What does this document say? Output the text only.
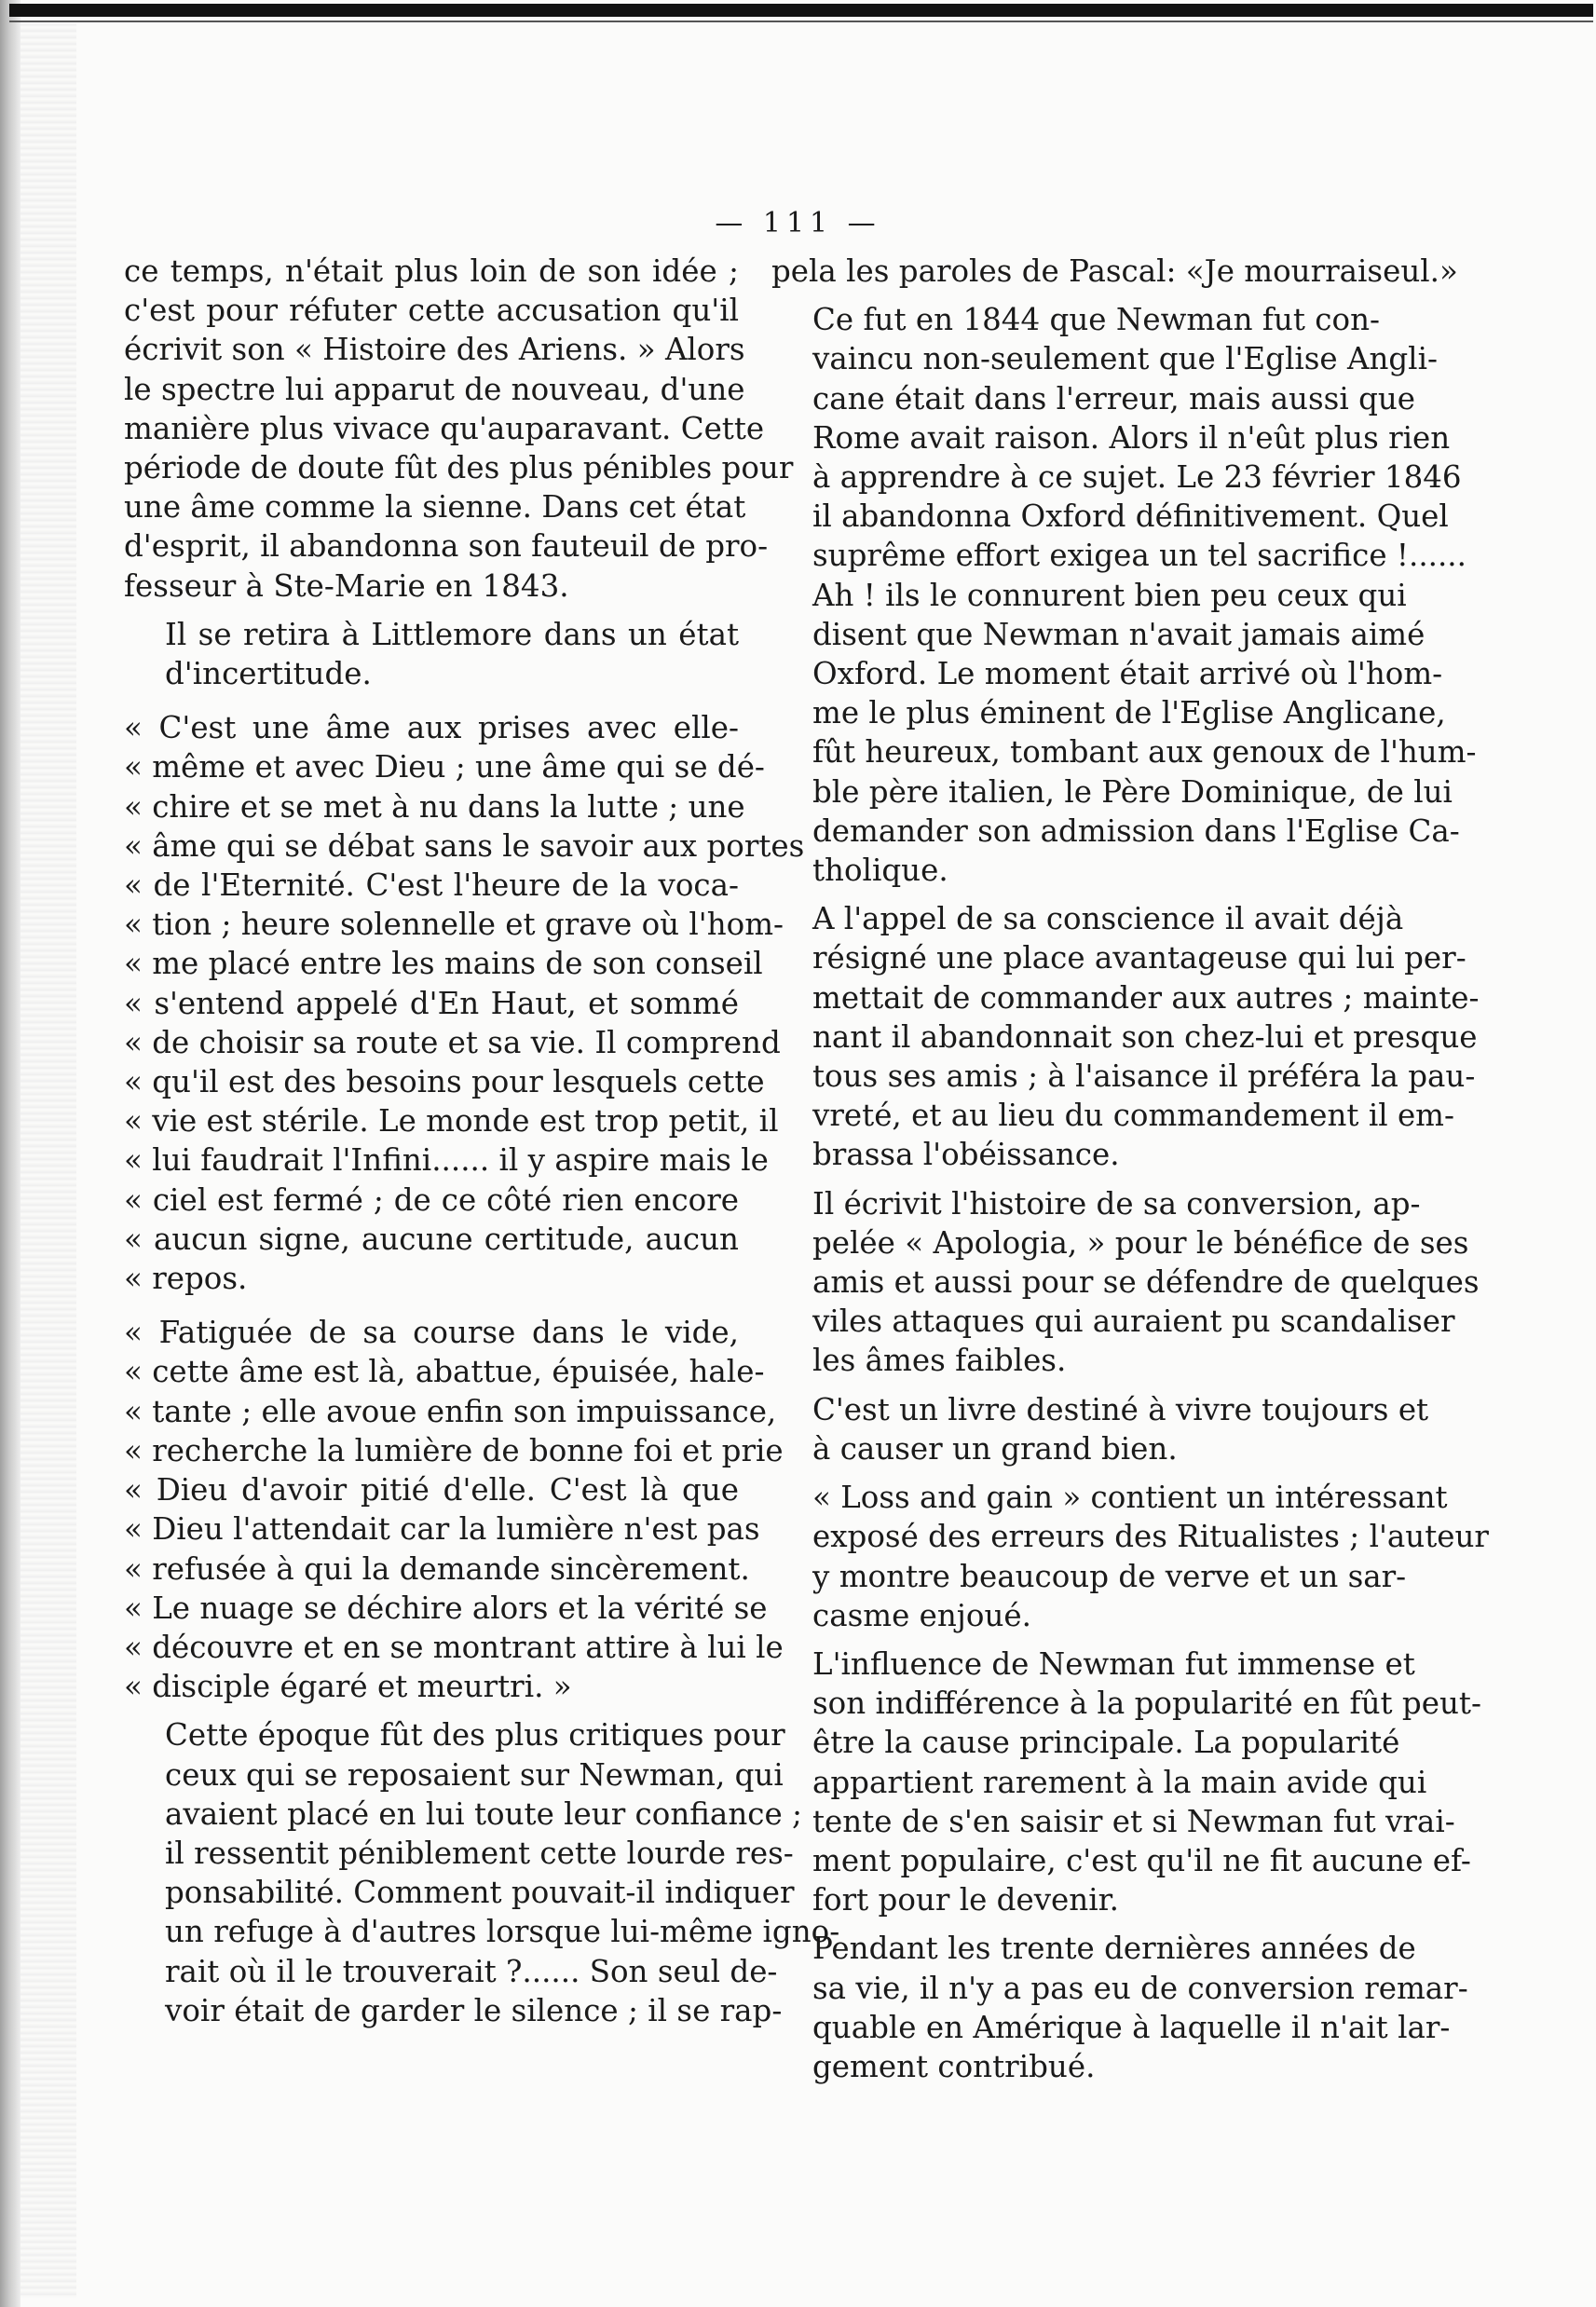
— 111 —

ce temps, n'était plus loin de son idée ;
c'est pour réfuter cette accusation qu'il
écrivit son « Histoire des Ariens. » Alors
le spectre lui apparut de nouveau, d'une
manière plus vivace qu'auparavant. Cette
période de doute fût des plus pénibles pour
une âme comme la sienne. Dans cet état
d'esprit, il abandonna son fauteuil de pro-
fesseur à Ste-Marie en 1843.

Il se retira à Littlemore dans un état
d'incertitude.

« C'est une âme aux prises avec elle-
« même et avec Dieu ; une âme qui se dé-
« chire et se met à nu dans la lutte ; une
« âme qui se débat sans le savoir aux portes
« de l'Eternité. C'est l'heure de la voca-
« tion ; heure solennelle et grave où l'hom-
« me placé entre les mains de son conseil
« s'entend appelé d'En Haut, et sommé
« de choisir sa route et sa vie. Il comprend
« qu'il est des besoins pour lesquels cette
« vie est stérile. Le monde est trop petit, il
« lui faudrait l'Infini...... il y aspire mais le
« ciel est fermé ; de ce côté rien encore
« aucun signe, aucune certitude, aucun
« repos.

« Fatiguée de sa course dans le vide,
« cette âme est là, abattue, épuisée, hale-
« tante ; elle avoue enfin son impuissance,
« recherche la lumière de bonne foi et prie
« Dieu d'avoir pitié d'elle. C'est là que
« Dieu l'attendait car la lumière n'est pas
« refusée à qui la demande sincèrement.
« Le nuage se déchire alors et la vérité se
« découvre et en se montrant attire à lui le
« disciple égaré et meurtri. »

Cette époque fût des plus critiques pour
ceux qui se reposaient sur Newman, qui
avaient placé en lui toute leur confiance ;
il ressentit péniblement cette lourde res-
ponsabilité. Comment pouvait-il indiquer
un refuge à d'autres lorsque lui-même igno-
rait où il le trouverait ?...... Son seul de-
voir était de garder le silence ; il se rap-

pela les paroles de Pascal: «Je mourraiseul.»

Ce fut en 1844 que Newman fut con-
vaincu non-seulement que l'Eglise Angli-
cane était dans l'erreur, mais aussi que
Rome avait raison. Alors il n'eût plus rien
à apprendre à ce sujet. Le 23 février 1846
il abandonna Oxford définitivement. Quel
suprême effort exigea un tel sacrifice !......
Ah ! ils le connurent bien peu ceux qui
disent que Newman n'avait jamais aimé
Oxford. Le moment était arrivé où l'hom-
me le plus éminent de l'Eglise Anglicane,
fût heureux, tombant aux genoux de l'hum-
ble père italien, le Père Dominique, de lui
demander son admission dans l'Eglise Ca-
tholique.

A l'appel de sa conscience il avait déjà
résigné une place avantageuse qui lui per-
mettait de commander aux autres ; mainte-
nant il abandonnait son chez-lui et presque
tous ses amis ; à l'aisance il préféra la pau-
vreté, et au lieu du commandement il em-
brassa l'obéissance.

Il écrivit l'histoire de sa conversion, ap-
pelée « Apologia, » pour le bénéfice de ses
amis et aussi pour se défendre de quelques
viles attaques qui auraient pu scandaliser
les âmes faibles.

C'est un livre destiné à vivre toujours et
à causer un grand bien.

« Loss and gain » contient un intéressant
exposé des erreurs des Ritualistes ; l'auteur
y montre beaucoup de verve et un sar-
casme enjoué.

L'influence de Newman fut immense et
son indifférence à la popularité en fût peut-
être la cause principale. La popularité
appartient rarement à la main avide qui
tente de s'en saisir et si Newman fut vrai-
ment populaire, c'est qu'il ne fit aucune ef-
fort pour le devenir.

Pendant les trente dernières années de
sa vie, il n'y a pas eu de conversion remar-
quable en Amérique à laquelle il n'ait lar-
gement contribué.
